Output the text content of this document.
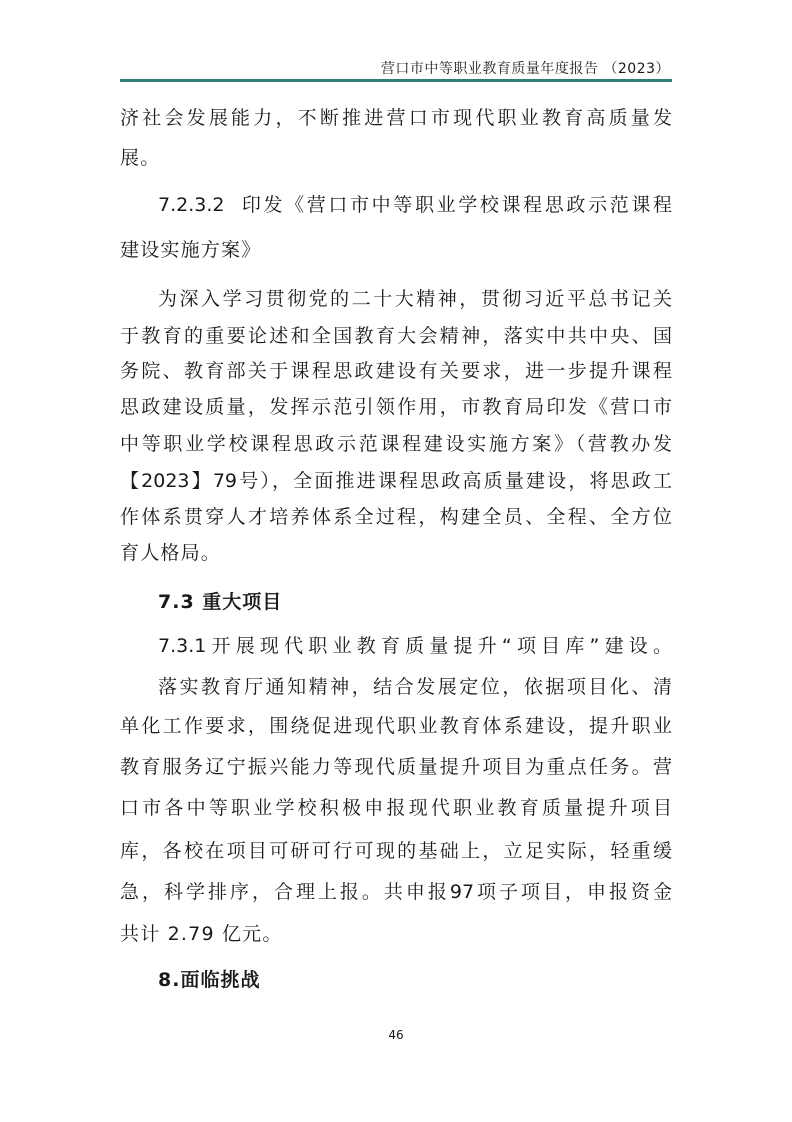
营口市中等职业教育质量年度报告 （2023）
济社会发展能力，不断推进营口市现代职业教育高质量发
展。
7.2.3.2  印发《营口市中等职业学校课程思政示范课程
建设实施方案》
为深入学习贯彻党的二十大精神，贯彻习近平总书记关
于教育的重要论述和全国教育大会精神，落实中共中央、国
务院、教育部关于课程思政建设有关要求，进一步提升课程
思政建设质量，发挥示范引领作用，市教育局印发《营口市
中等职业学校课程思政示范课程建设实施方案》（营教办发
【2023】79号），全面推进课程思政高质量建设，将思政工
作体系贯穿人才培养体系全过程，构建全员、全程、全方位
育人格局。
7.3 重大项目
7.3.1开展现代职业教育质量提升“项目库”建设。
落实教育厅通知精神，结合发展定位，依据项目化、清
单化工作要求，围绕促进现代职业教育体系建设，提升职业
教育服务辽宁振兴能力等现代质量提升项目为重点任务。营
口市各中等职业学校积极申报现代职业教育质量提升项目
库，各校在项目可研可行可现的基础上，立足实际，轻重缓
急，科学排序，合理上报。共申报97项子项目，申报资金
共计 2.79 亿元。
8.面临挑战
46
